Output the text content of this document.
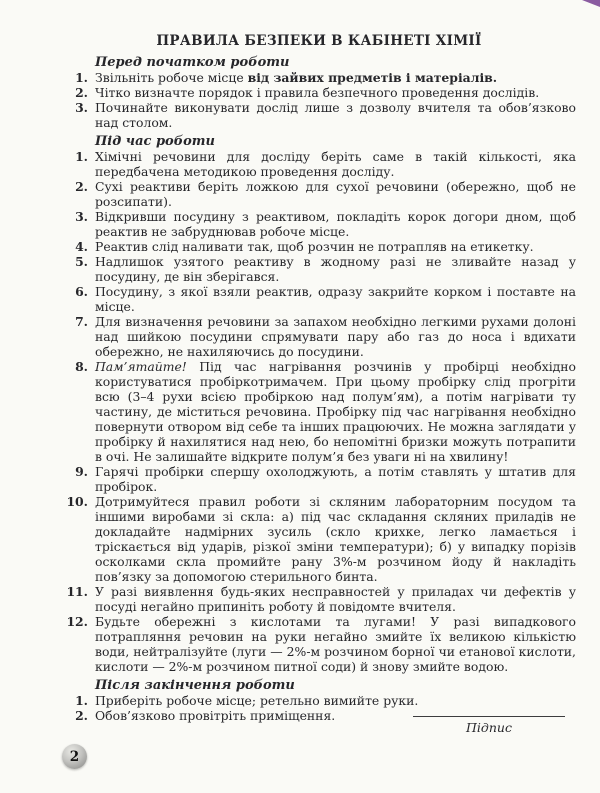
ПРАВИЛА БЕЗПЕКИ В КАБІНЕТІ ХІМІЇ
Перед початком роботи
1. Звільніть робоче місце від зайвих предметів і матеріалів.
2. Чітко визначте порядок і правила безпечного проведення дослідів.
3. Починайте виконувати дослід лише з дозволу вчителя та обов’язково над столом.
Під час роботи
1. Хімічні речовини для досліду беріть саме в такій кількості, яка передбачена методикою проведення досліду.
2. Сухі реактиви беріть ложкою для сухої речовини (обережно, щоб не розсипати).
3. Відкривши посудину з реактивом, покладіть корок догори дном, щоб реактив не забруднював робоче місце.
4. Реактив слід наливати так, щоб розчин не потрапляв на етикетку.
5. Надлишок узятого реактиву в жодному разі не зливайте назад у посудину, де він зберігався.
6. Посудину, з якої взяли реактив, одразу закрийте корком і поставте на місце.
7. Для визначення речовини за запахом необхідно легкими рухами долоні над шийкою посудини спрямувати пару або газ до носа і вдихати обережно, не нахиляючись до посудини.
8. Пам’ятайте! Під час нагрівання розчинів у пробірці необхідно користуватися пробіркотримачем. При цьому пробірку слід прогріти всю (3–4 рухи всією пробіркою над полум’ям), а потім нагрівати ту частину, де міститься речовина. Пробірку під час нагрівання необхідно повернути отвором від себе та інших працюючих. Не можна заглядати у пробірку й нахилятися над нею, бо непомітні бризки можуть потрапити в очі. Не залишайте відкрите полум’я без уваги ні на хвилину!
9. Гарячі пробірки спершу охолоджують, а потім ставлять у штатив для пробірок.
10. Дотримуйтеся правил роботи зі скляним лабораторним посудом та іншими виробами зі скла: а) під час складання скляних приладів не докладайте надмірних зусиль (скло крихке, легко ламається і тріскається від ударів, різкої зміни температури); б) у випадку порізів осколками скла промийте рану 3%-м розчином йоду й накладіть пов’язку за допомогою стерильного бинта.
11. У разі виявлення будь-яких несправностей у приладах чи дефектів у посуді негайно припиніть роботу й повідомте вчителя.
12. Будьте обережні з кислотами та лугами! У разі випадкового потрапляння речовин на руки негайно змийте їх великою кількістю води, нейтралізуйте (луги — 2%-м розчином борної чи етанової кислоти, кислоти — 2%-м розчином питної соди) й знову змийте водою.
Після закінчення роботи
1. Приберіть робоче місце; ретельно вимийте руки.
2. Обов’язково провітріть приміщення.
Підпис
2
